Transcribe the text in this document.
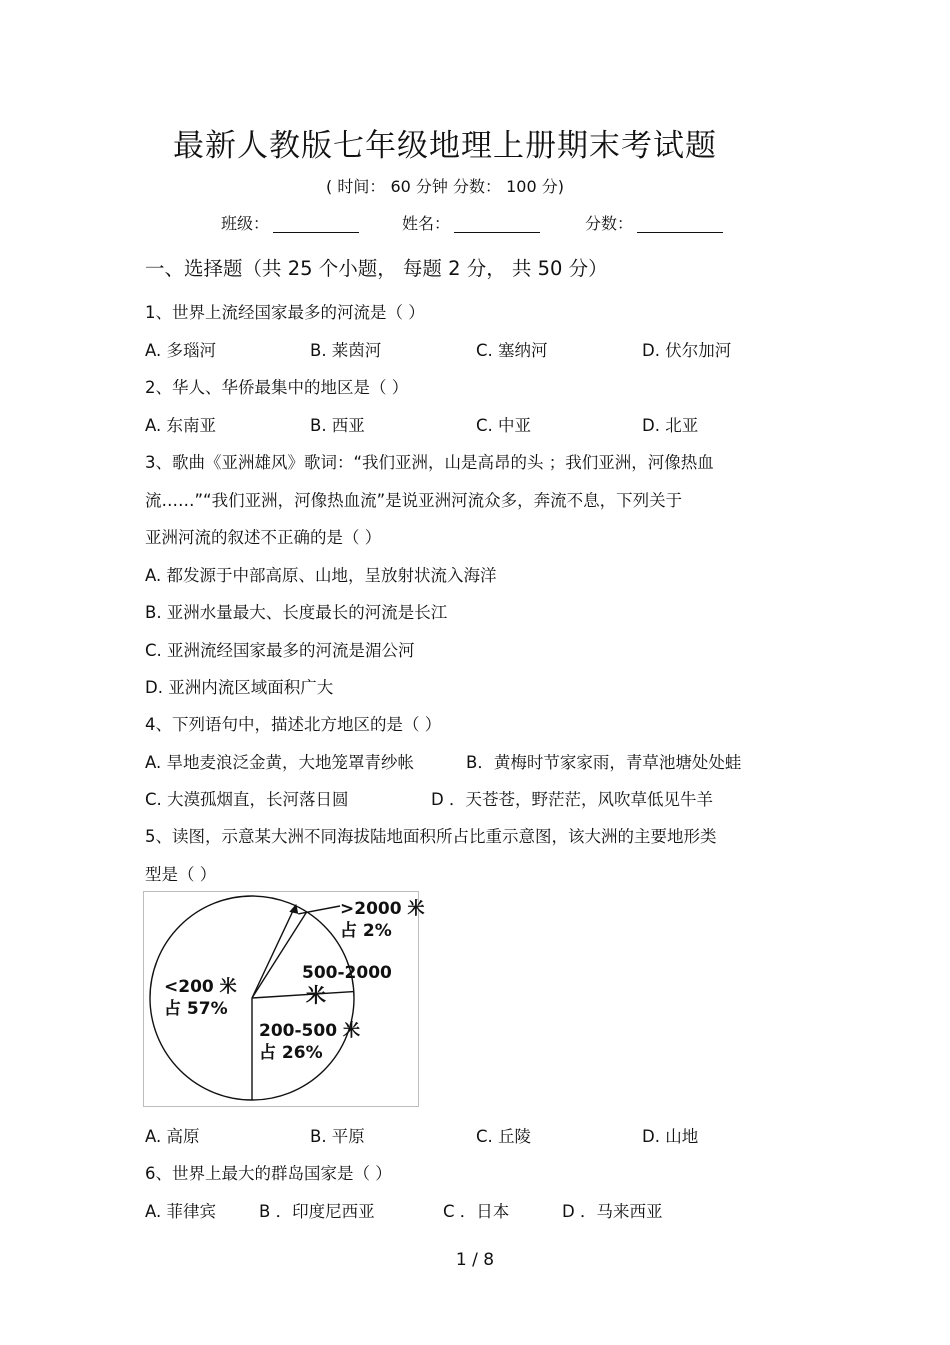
最新人教版七年级地理上册期末考试题
( 时间： 60 分钟 分数： 100 分)
班级：	姓名：	分数：
一、选择题（共 25 个小题， 每题 2 分， 共 50 分）
1、世界上流经国家最多的河流是（ ）
A. 多瑙河	B. 莱茵河	C. 塞纳河	D. 伏尔加河
2、华人、华侨最集中的地区是（ ）
A. 东南亚	B. 西亚	C. 中亚	D. 北亚
3、歌曲《亚洲雄风》歌词：“我们亚洲，山是高昂的头 ；我们亚洲，河像热血
流……”“我们亚洲，河像热血流”是说亚洲河流众多，奔流不息，下列关于
亚洲河流的叙述不正确的是（ ）
A. 都发源于中部高原、山地，呈放射状流入海洋
B. 亚洲水量最大、长度最长的河流是长江
C. 亚洲流经国家最多的河流是湄公河
D. 亚洲内流区域面积广大
4、下列语句中，描述北方地区的是（ ）
A. 旱地麦浪泛金黄，大地笼罩青纱帐	B．黄梅时节家家雨，青草池塘处处蛙
C. 大漠孤烟直，长河落日圆	D ．天苍苍，野茫茫，风吹草低见牛羊
5、读图，示意某大洲不同海拔陆地面积所占比重示意图，该大洲的主要地形类
型是（ ）
<200 米
占 57%
200-500 米
占 26%
500-2000
米
>2000 米
占 2%
A. 高原	B. 平原	C. 丘陵	D. 山地
6、世界上最大的群岛国家是（ ）
A. 菲律宾	B ．印度尼西亚	C ．日本	D ．马来西亚
1 / 8
